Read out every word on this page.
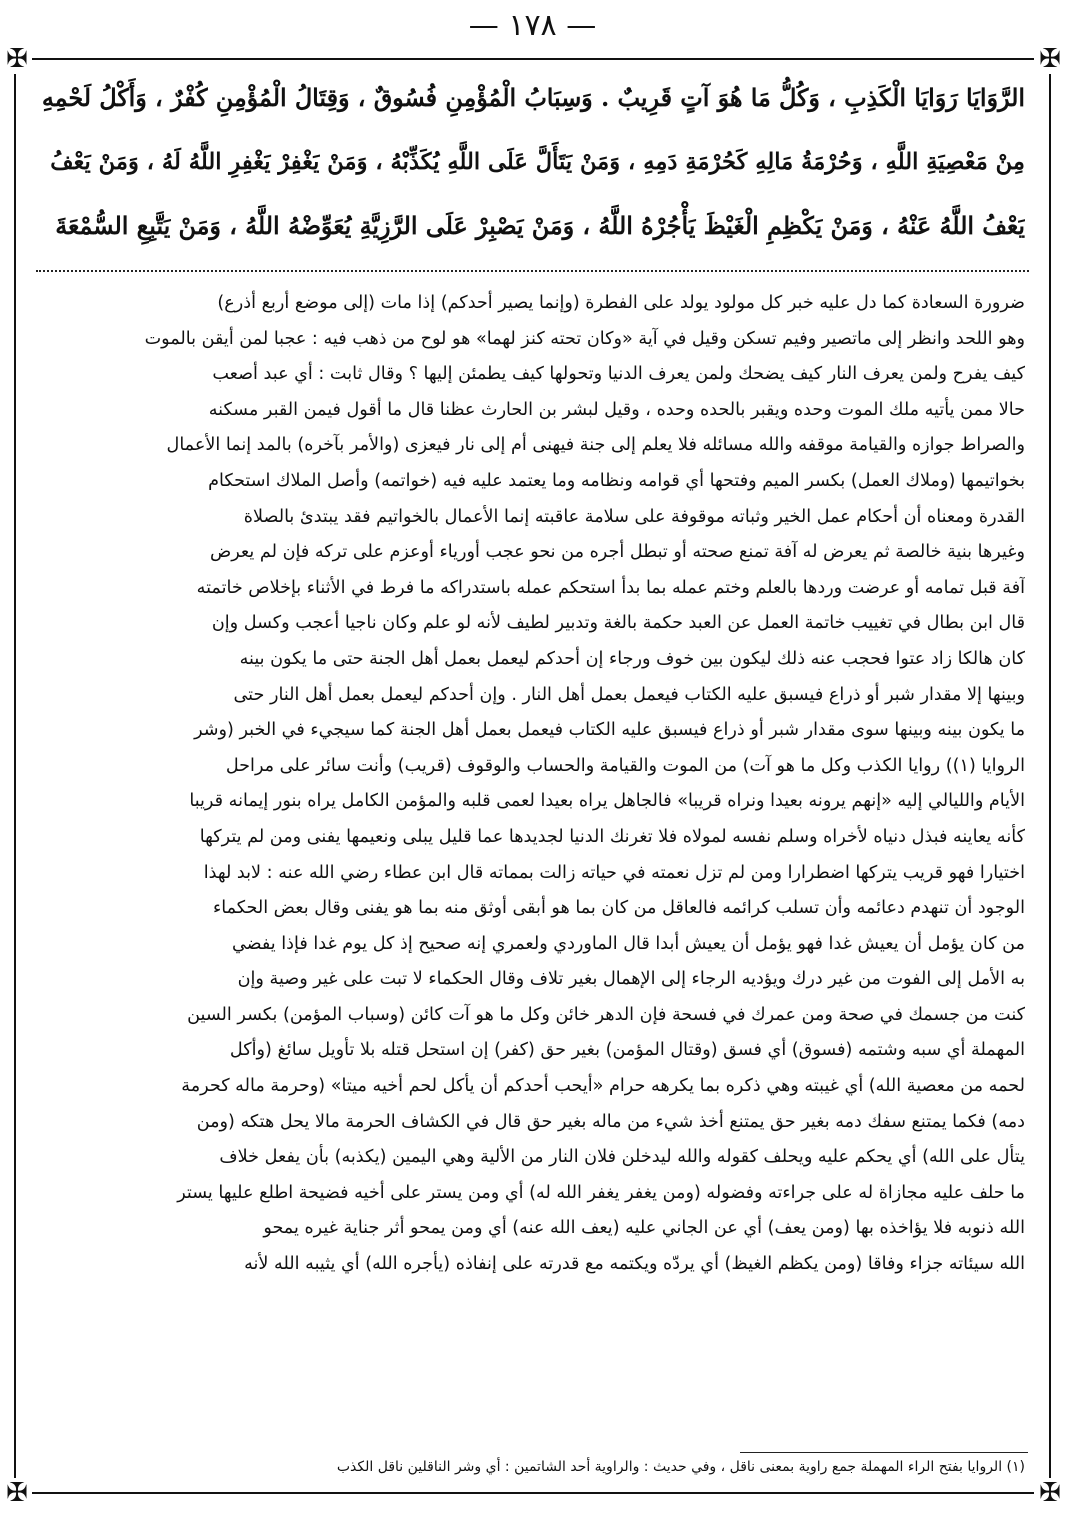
— ١٧٨ —
✠	✠
✠	✠

الرَّوَايَا رَوَايَا الْكَذِبِ ، وَكُلُّ مَا هُوَ آتٍ قَرِيبٌ . وَسِبَابُ الْمُؤْمِنِ فُسُوقٌ ، وَقِتَالُ الْمُؤْمِنِ كُفْرٌ ، وَأَكْلُ لَحْمِهِ

مِنْ مَعْصِيَةِ اللَّهِ ، وَحُرْمَةُ مَالِهِ كَحُرْمَةِ دَمِهِ ، وَمَنْ يَتَأَلَّ عَلَى اللَّهِ يُكَذِّبْهُ ، وَمَنْ يَغْفِرْ يَغْفِرِ اللَّهُ لَهُ ، وَمَنْ يَعْفُ

يَعْفُ اللَّهُ عَنْهُ ، وَمَنْ يَكْظِمِ الْغَيْظَ يَأْجُرْهُ اللَّهُ ، وَمَنْ يَصْبِرْ عَلَى الرَّزِيَّةِ يُعَوِّضْهُ اللَّهُ ، وَمَنْ يَتَّبِعِ السُّمْعَةَ

ضرورة السعادة كما دل عليه خبر كل مولود يولد على الفطرة (وإنما يصير أحدكم) إذا مات (إلى موضع أربع أذرع)

وهو اللحد وانظر إلى ماتصير وفيم تسكن وقيل في آية «وكان تحته كنز لهما» هو لوح من ذهب فيه : عجبا لمن أيقن بالموت

كيف يفرح ولمن يعرف النار كيف يضحك ولمن يعرف الدنيا وتحولها كيف يطمئن إليها ؟ وقال ثابت : أي عبد أصعب

حالا ممن يأتيه ملك الموت وحده ويقبر بالحده وحده ، وقيل لبشر بن الحارث عظنا قال ما أقول فيمن القبر مسكنه

والصراط جوازه والقيامة موقفه والله مسائله فلا يعلم إلى جنة فيهنى أم إلى نار فيعزى (والأمر بآخره) بالمد إنما الأعمال

بخواتيمها (وملاك العمل) بكسر الميم وفتحها أي قوامه ونظامه وما يعتمد عليه فيه (خواتمه) وأصل الملاك استحكام

القدرة ومعناه أن أحكام عمل الخير وثباته موقوفة على سلامة عاقبته إنما الأعمال بالخواتيم فقد يبتدئ بالصلاة

وغيرها بنية خالصة ثم يعرض له آفة تمنع صحته أو تبطل أجره من نحو عجب أورياء أوعزم على تركه فإن لم يعرض

آفة قبل تمامه أو عرضت وردها بالعلم وختم عمله بما بدأ استحكم عمله باستدراكه ما فرط في الأثناء بإخلاص خاتمته

قال ابن بطال في تغييب خاتمة العمل عن العبد حكمة بالغة وتدبير لطيف لأنه لو علم وكان ناجيا أعجب وكسل وإن

كان هالكا زاد عتوا فحجب عنه ذلك ليكون بين خوف ورجاء إن أحدكم ليعمل بعمل أهل الجنة حتى ما يكون بينه

وبينها إلا مقدار شبر أو ذراع فيسبق عليه الكتاب فيعمل بعمل أهل النار . وإن أحدكم ليعمل بعمل أهل النار حتى

ما يكون بينه وبينها سوى مقدار شبر أو ذراع فيسبق عليه الكتاب فيعمل بعمل أهل الجنة كما سيجيء في الخبر (وشر

الروايا (١)) روايا الكذب وكل ما هو آت) من الموت والقيامة والحساب والوقوف (قريب) وأنت سائر على مراحل

الأيام والليالي إليه «إنهم يرونه بعيدا ونراه قريبا» فالجاهل يراه بعيدا لعمى قلبه والمؤمن الكامل يراه بنور إيمانه قريبا

كأنه يعاينه فبذل دنياه لأخراه وسلم نفسه لمولاه فلا تغرنك الدنيا لجديدها عما قليل يبلى ونعيمها يفنى ومن لم يتركها

اختيارا فهو قريب يتركها اضطرارا ومن لم تزل نعمته في حياته زالت بمماته قال ابن عطاء رضي الله عنه : لابد لهذا

الوجود أن تنهدم دعائمه وأن تسلب كرائمه فالعاقل من كان بما هو أبقى أوثق منه بما هو يفنى وقال بعض الحكماء

من كان يؤمل أن يعيش غدا فهو يؤمل أن يعيش أبدا قال الماوردي ولعمري إنه صحيح إذ كل يوم غدا فإذا يفضي

به الأمل إلى الفوت من غير درك ويؤديه الرجاء إلى الإهمال بغير تلاف وقال الحكماء لا تبت على غير وصية وإن

كنت من جسمك في صحة ومن عمرك في فسحة فإن الدهر خائن وكل ما هو آت كائن (وسباب المؤمن) بكسر السين

المهملة أي سبه وشتمه (فسوق) أي فسق (وقتال المؤمن) بغير حق (كفر) إن استحل قتله بلا تأويل سائغ (وأكل

لحمه من معصية الله) أي غيبته وهي ذكره بما يكرهه حرام «أيحب أحدكم أن يأكل لحم أخيه ميتا» (وحرمة ماله كحرمة

دمه) فكما يمتنع سفك دمه بغير حق يمتنع أخذ شيء من ماله بغير حق قال في الكشاف الحرمة مالا يحل هتكه (ومن

يتأل على الله) أي يحكم عليه ويحلف كقوله والله ليدخلن فلان النار من الألية وهي اليمين (يكذبه) بأن يفعل خلاف

ما حلف عليه مجازاة له على جراءته وفضوله (ومن يغفر يغفر الله له) أي ومن يستر على أخيه فضيحة اطلع عليها يستر

الله ذنوبه فلا يؤاخذه بها (ومن يعف) أي عن الجاني عليه (يعف الله عنه) أي ومن يمحو أثر جناية غيره يمحو

الله سيئاته جزاء وفاقا (ومن يكظم الغيظ) أي يردّه ويكتمه مع قدرته على إنفاذه (يأجره الله) أي يثيبه الله لأنه

(١) الروايا بفتح الراء المهملة جمع راوية بمعنى ناقل ، وفي حديث : والراوية أحد الشاتمين : أي وشر الناقلين ناقل الكذب
